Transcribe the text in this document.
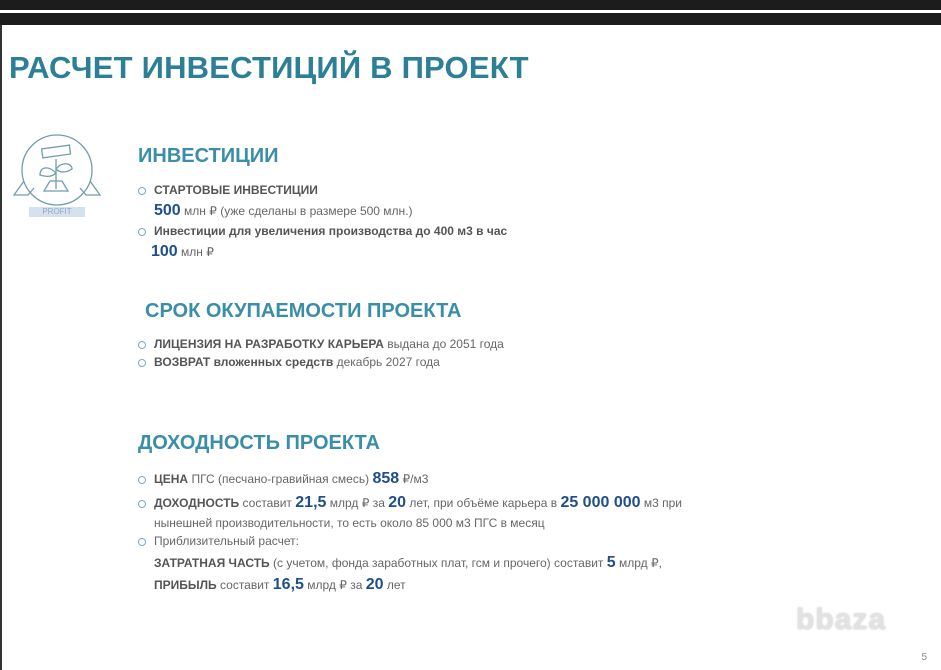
РАСЧЕТ ИНВЕСТИЦИЙ В ПРОЕКТ
PROFIT
ИНВЕСТИЦИИ
СТАРТОВЫЕ ИНВЕСТИЦИИ
500 млн ₽ (уже сделаны в размере 500 млн.)
Инвестиции для увеличения производства до 400 м3 в час
100 млн ₽
СРОК ОКУПАЕМОСТИ ПРОЕКТА
ЛИЦЕНЗИЯ НА РАЗРАБОТКУ КАРЬЕРА выдана до 2051 года
ВОЗВРАТ вложенных средств декабрь 2027 года
ДОХОДНОСТЬ ПРОЕКТА
ЦЕНА ПГС (песчано-гравийная смесь) 858 ₽/м3
ДОХОДНОСТЬ составит 21,5 млрд ₽ за 20 лет, при объёме карьера в 25 000 000 м3 при
нынешней производительности, то есть около 85 000 м3 ПГС в месяц
Приблизительный расчет:
ЗАТРАТНАЯ ЧАСТЬ (с учетом, фонда заработных плат, гсм и прочего) составит 5 млрд ₽,
ПРИБЫЛЬ составит 16,5 млрд ₽ за 20 лет
bbaza
5
